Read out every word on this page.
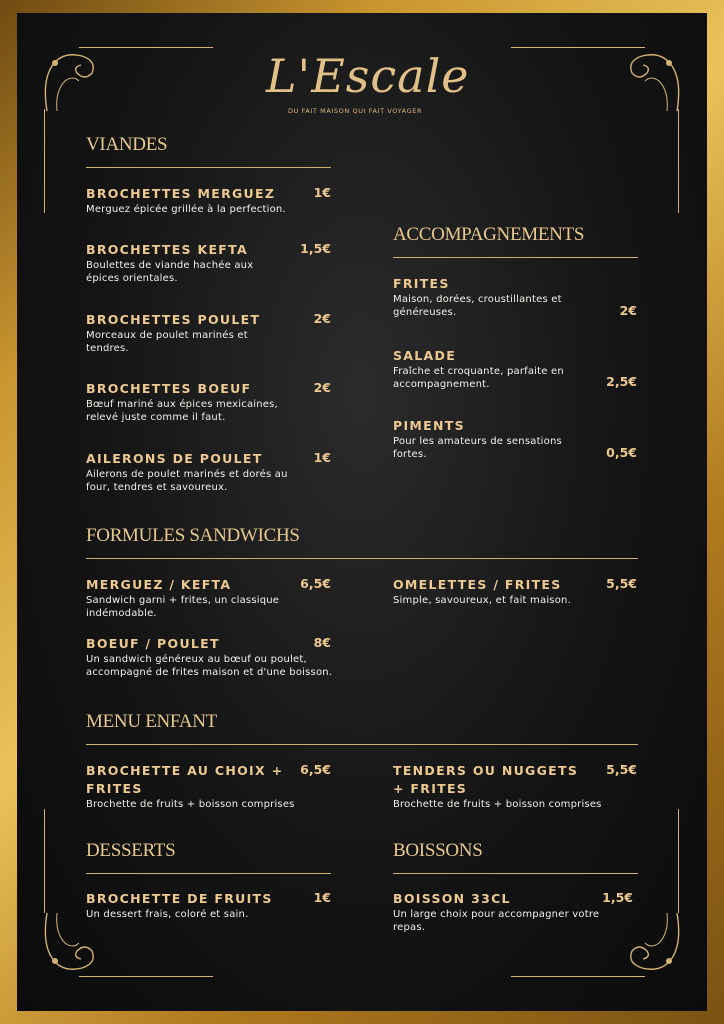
L'Escale
DU FAIT MAISON QUI FAIT VOYAGER
VIANDES
BROCHETTES MERGUEZ	1€
Merguez épicée grillée à la perfection.
BROCHETTES KEFTA	1,5€
Boulettes de viande hachée aux épices orientales.
BROCHETTES POULET	2€
Morceaux de poulet marinés et tendres.
BROCHETTES BOEUF	2€
Bœuf mariné aux épices mexicaines, relevé juste comme il faut.
AILERONS DE POULET	1€
Ailerons de poulet marinés et dorés au four, tendres et savoureux.
ACCOMPAGNEMENTS
FRITES
Maison, dorées, croustillantes et généreuses.	2€
SALADE
Fraîche et croquante, parfaite en accompagnement.	2,5€
PIMENTS
Pour les amateurs de sensations fortes.	0,5€
FORMULES SANDWICHS
MERGUEZ / KEFTA	6,5€
Sandwich garni + frites, un classique indémodable.
BOEUF / POULET	8€
Un sandwich généreux au bœuf ou poulet, accompagné de frites maison et d'une boisson.
OMELETTES / FRITES	5,5€
Simple, savoureux, et fait maison.
MENU ENFANT
BROCHETTE AU CHOIX + FRITES
6,5€
Brochette de fruits + boisson comprises
TENDERS OU NUGGETS + FRITES
5,5€
Brochette de fruits + boisson comprises
DESSERTS
BROCHETTE DE FRUITS	1€
Un dessert frais, coloré et sain.
BOISSONS
BOISSON 33CL	1,5€
Un large choix pour accompagner votre repas.
